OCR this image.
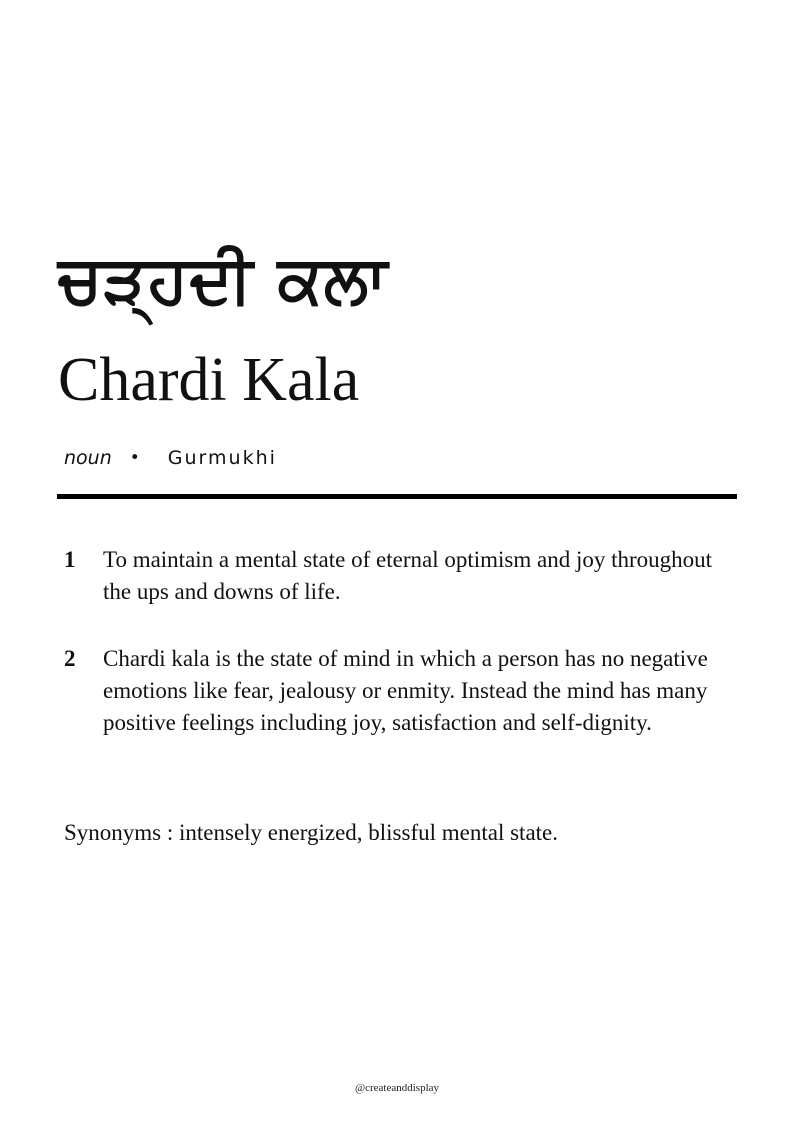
ਚੜ੍ਹਦੀ ਕਲਾ
Chardi Kala
noun • Gurmukhi
1	To maintain a mental state of eternal optimism and joy throughout the ups and downs of life.
2	Chardi kala is the state of mind in which a person has no negative emotions like fear, jealousy or enmity. Instead the mind has many positive feelings including joy, satisfaction and self-dignity.
Synonyms : intensely energized, blissful mental state.
@createanddisplay
